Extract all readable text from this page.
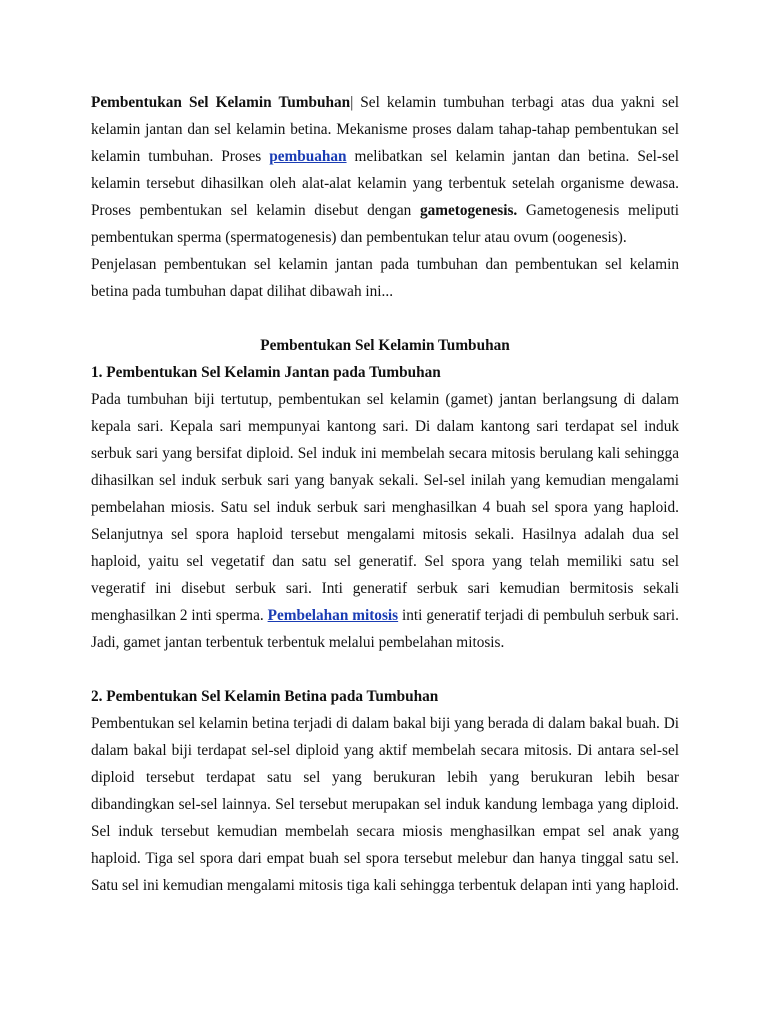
Pembentukan Sel Kelamin Tumbuhan| Sel kelamin tumbuhan terbagi atas dua yakni sel kelamin jantan dan sel kelamin betina. Mekanisme proses dalam tahap-tahap pembentukan sel kelamin tumbuhan. Proses pembuahan melibatkan sel kelamin jantan dan betina. Sel-sel kelamin tersebut dihasilkan oleh alat-alat kelamin yang terbentuk setelah organisme dewasa. Proses pembentukan sel kelamin disebut dengan gametogenesis. Gametogenesis meliputi pembentukan sperma (spermatogenesis) dan pembentukan telur atau ovum (oogenesis).
Penjelasan pembentukan sel kelamin jantan pada tumbuhan dan pembentukan sel kelamin betina pada tumbuhan dapat dilihat dibawah ini...

Pembentukan Sel Kelamin Tumbuhan

1. Pembentukan Sel Kelamin Jantan pada Tumbuhan

Pada tumbuhan biji tertutup, pembentukan sel kelamin (gamet) jantan berlangsung di dalam kepala sari. Kepala sari mempunyai kantong sari. Di dalam kantong sari terdapat sel induk serbuk sari yang bersifat diploid. Sel induk ini membelah secara mitosis berulang kali sehingga dihasilkan sel induk serbuk sari yang banyak sekali. Sel-sel inilah yang kemudian mengalami pembelahan miosis. Satu sel induk serbuk sari menghasilkan 4 buah sel spora yang haploid. Selanjutnya sel spora haploid tersebut mengalami mitosis sekali. Hasilnya adalah dua sel haploid, yaitu sel vegetatif dan satu sel generatif. Sel spora yang telah memiliki satu sel vegeratif ini disebut serbuk sari. Inti generatif serbuk sari kemudian bermitosis sekali menghasilkan 2 inti sperma. Pembelahan mitosis inti generatif terjadi di pembuluh serbuk sari. Jadi, gamet jantan terbentuk terbentuk melalui pembelahan mitosis.

2. Pembentukan Sel Kelamin Betina pada Tumbuhan

Pembentukan sel kelamin betina terjadi di dalam bakal biji yang berada di dalam bakal buah. Di dalam bakal biji terdapat sel-sel diploid yang aktif membelah secara mitosis. Di antara sel-sel diploid tersebut terdapat satu sel yang berukuran lebih yang berukuran lebih besar dibandingkan sel-sel lainnya. Sel tersebut merupakan sel induk kandung lembaga yang diploid. Sel induk tersebut kemudian membelah secara miosis menghasilkan empat sel anak yang haploid. Tiga sel spora dari empat buah sel spora tersebut melebur dan hanya tinggal satu sel. Satu sel ini kemudian mengalami mitosis tiga kali sehingga terbentuk delapan inti yang haploid.
